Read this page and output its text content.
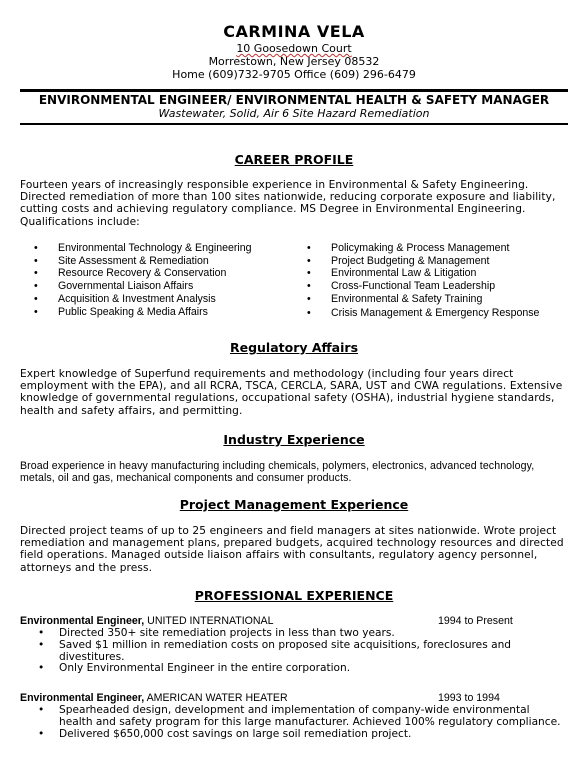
CARMINA VELA
10 Goosedown Court
Morrestown, New Jersey 08532
Home (609)732-9705 Office (609) 296-6479
ENVIRONMENTAL ENGINEER/ ENVIRONMENTAL HEALTH & SAFETY MANAGER
Wastewater, Solid, Air 6 Site Hazard Remediation
CAREER PROFILE
Fourteen years of increasingly responsible experience in Environmental & Safety Engineering. Directed remediation of more than 100 sites nationwide, reducing corporate exposure and liability, cutting costs and achieving regulatory compliance. MS Degree in Environmental Engineering. Qualifications include:
• Environmental Technology & Engineering
• Site Assessment & Remediation
• Resource Recovery & Conservation
• Governmental Liaison Affairs
• Acquisition & Investment Analysis
• Public Speaking & Media Affairs
• Policymaking & Process Management
• Project Budgeting & Management
• Environmental Law & Litigation
• Cross-Functional Team Leadership
• Environmental & Safety Training
• Crisis Management & Emergency Response
Regulatory Affairs
Expert knowledge of Superfund requirements and methodology (including four years direct employment with the EPA), and all RCRA, TSCA, CERCLA, SARA, UST and CWA regulations. Extensive knowledge of governmental regulations, occupational safety (OSHA), industrial hygiene standards, health and safety affairs, and permitting.
Industry Experience
Broad experience in heavy manufacturing including chemicals, polymers, electronics, advanced technology, metals, oil and gas, mechanical components and consumer products.
Project Management Experience
Directed project teams of up to 25 engineers and field managers at sites nationwide. Wrote project remediation and management plans, prepared budgets, acquired technology resources and directed field operations. Managed outside liaison affairs with consultants, regulatory agency personnel, attorneys and the press.
PROFESSIONAL EXPERIENCE
Environmental Engineer, UNITED INTERNATIONAL	1994 to Present
• Directed 350+ site remediation projects in less than two years.
• Saved $1 million in remediation costs on proposed site acquisitions, foreclosures and divestitures.
• Only Environmental Engineer in the entire corporation.
Environmental Engineer, AMERICAN WATER HEATER	1993 to 1994
• Spearheaded design, development and implementation of company-wide environmental health and safety program for this large manufacturer. Achieved 100% regulatory compliance.
• Delivered $650,000 cost savings on large soil remediation project.
